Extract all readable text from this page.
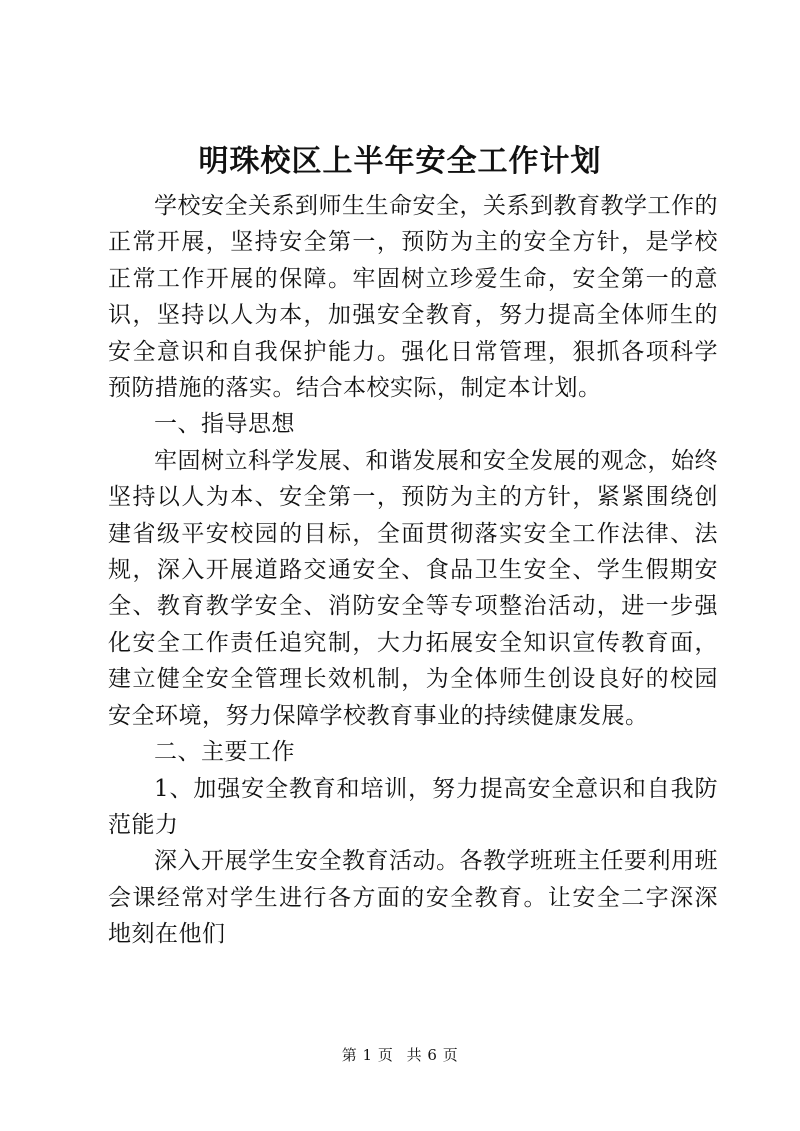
明珠校区上半年安全工作计划

学校安全关系到师生生命安全，关系到教育教学工作的正常开展，坚持安全第一，预防为主的安全方针，是学校正常工作开展的保障。牢固树立珍爱生命，安全第一的意识，坚持以人为本，加强安全教育，努力提高全体师生的安全意识和自我保护能力。强化日常管理，狠抓各项科学预防措施的落实。结合本校实际，制定本计划。

一、指导思想

牢固树立科学发展、和谐发展和安全发展的观念，始终坚持以人为本、安全第一，预防为主的方针，紧紧围绕创建省级平安校园的目标，全面贯彻落实安全工作法律、法规，深入开展道路交通安全、食品卫生安全、学生假期安全、教育教学安全、消防安全等专项整治活动，进一步强化安全工作责任追究制，大力拓展安全知识宣传教育面，建立健全安全管理长效机制，为全体师生创设良好的校园安全环境，努力保障学校教育事业的持续健康发展。

二、主要工作

1、加强安全教育和培训，努力提高安全意识和自我防范能力

深入开展学生安全教育活动。各教学班班主任要利用班会课经常对学生进行各方面的安全教育。让安全二字深深地刻在他们

第 1 页 共 6 页
